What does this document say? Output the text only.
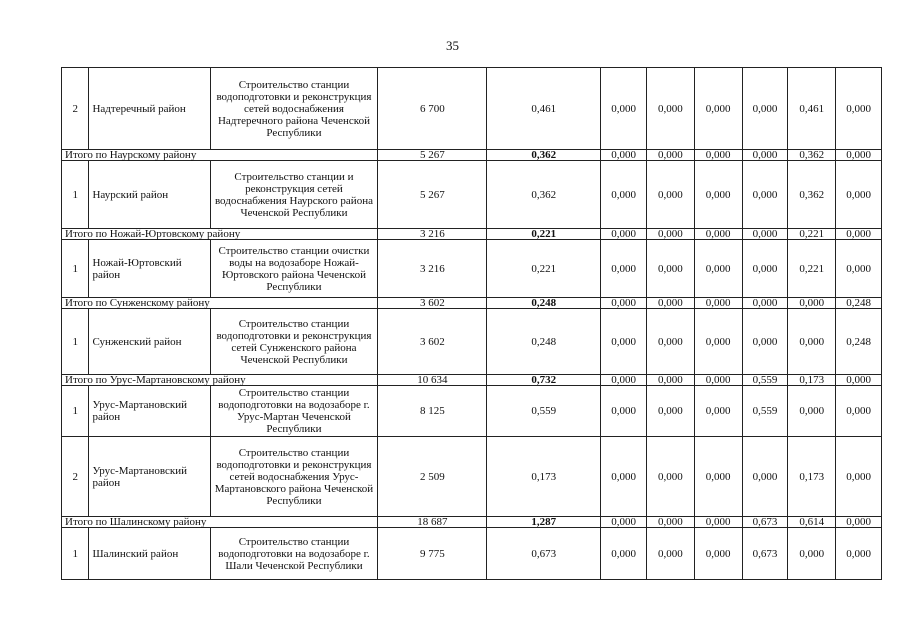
35
2	Надтеречный район	Строительство станции водоподготовки и реконструкция сетей водоснабжения Надтеречного района Чеченской Республики	6 700	0,461	0,000	0,000	0,000	0,000	0,461	0,000
Итого по Наурскому району			5 267	0,362	0,000	0,000	0,000	0,000	0,362	0,000
1	Наурский район	Строительство станции и реконструкция сетей водоснабжения Наурского района Чеченской Республики	5 267	0,362	0,000	0,000	0,000	0,000	0,362	0,000
Итого по Ножай-Юртовскому району			3 216	0,221	0,000	0,000	0,000	0,000	0,221	0,000
1	Ножай-Юртовский район	Строительство станции очистки воды на водозаборе Ножай-Юртовского района Чеченской Республики	3 216	0,221	0,000	0,000	0,000	0,000	0,221	0,000
Итого по Сунженскому району			3 602	0,248	0,000	0,000	0,000	0,000	0,000	0,248
1	Сунженский район	Строительство станции водоподготовки и реконструкция сетей Сунженского района Чеченской Республики	3 602	0,248	0,000	0,000	0,000	0,000	0,000	0,248
Итого по Урус-Мартановскому району			10 634	0,732	0,000	0,000	0,000	0,559	0,173	0,000
1	Урус-Мартановский район	Строительство станции водоподготовки на водозаборе г. Урус-Мартан Чеченской Республики	8 125	0,559	0,000	0,000	0,000	0,559	0,000	0,000
2	Урус-Мартановский район	Строительство станции водоподготовки и реконструкция сетей водоснабжения Урус-Мартановского района Чеченской Республики	2 509	0,173	0,000	0,000	0,000	0,000	0,173	0,000
Итого по Шалинскому району			18 687	1,287	0,000	0,000	0,000	0,673	0,614	0,000
1	Шалинский район	Строительство станции водоподготовки на водозаборе г. Шали Чеченской Республики	9 775	0,673	0,000	0,000	0,000	0,673	0,000	0,000
